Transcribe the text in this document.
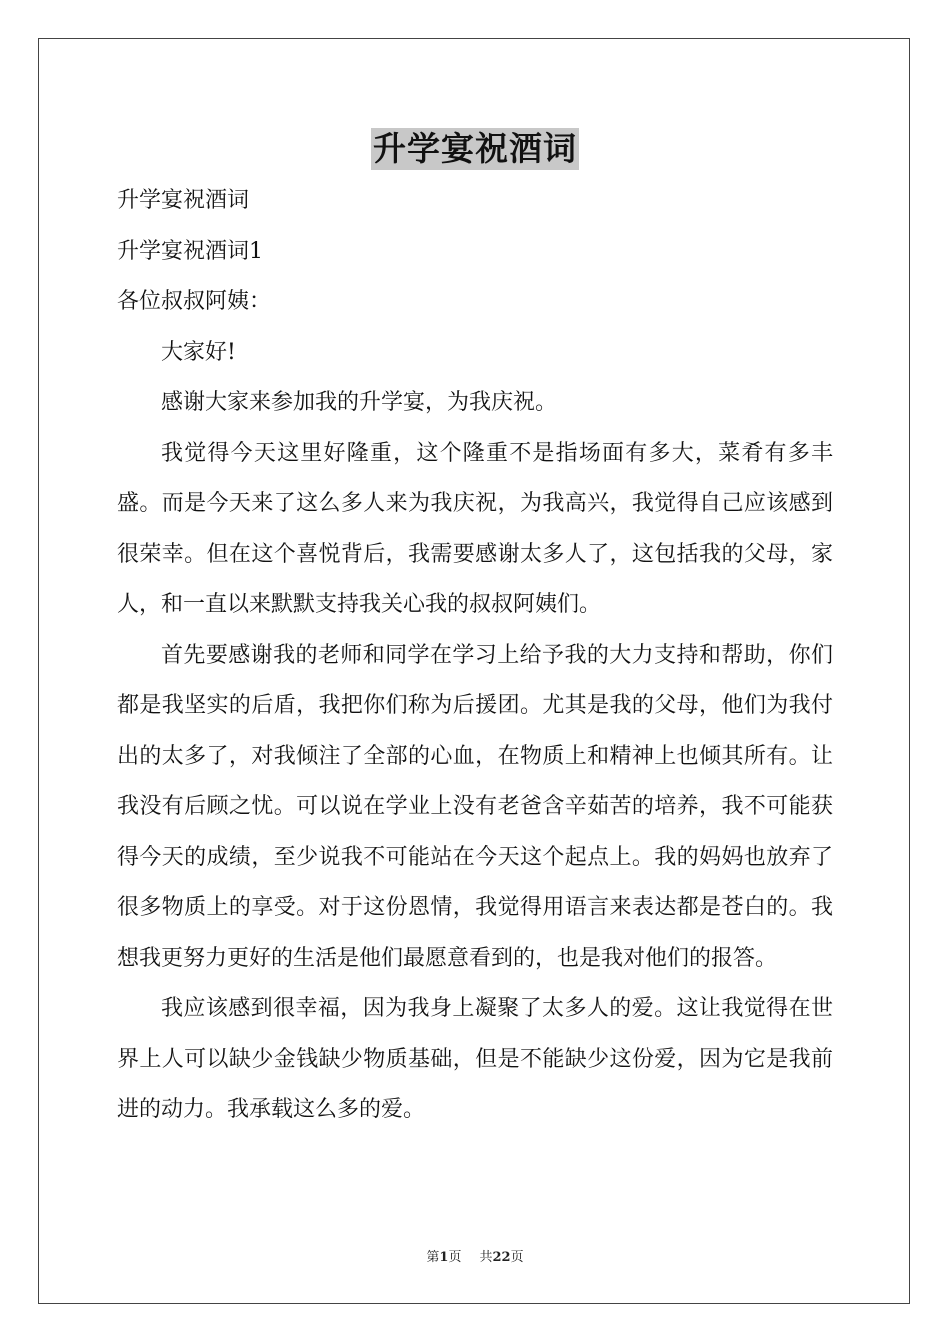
升学宴祝酒词

升学宴祝酒词

升学宴祝酒词1

各位叔叔阿姨：

大家好!

感谢大家来参加我的升学宴，为我庆祝。

我觉得今天这里好隆重，这个隆重不是指场面有多大，菜肴有多丰盛。而是今天来了这么多人来为我庆祝，为我高兴，我觉得自己应该感到很荣幸。但在这个喜悦背后，我需要感谢太多人了，这包括我的父母，家人，和一直以来默默支持我关心我的叔叔阿姨们。

首先要感谢我的老师和同学在学习上给予我的大力支持和帮助，你们都是我坚实的后盾，我把你们称为后援团。尤其是我的父母，他们为我付出的太多了，对我倾注了全部的心血，在物质上和精神上也倾其所有。让我没有后顾之忧。可以说在学业上没有老爸含辛茹苦的培养，我不可能获得今天的成绩，至少说我不可能站在今天这个起点上。我的妈妈也放弃了很多物质上的享受。对于这份恩情，我觉得用语言来表达都是苍白的。我想我更努力更好的生活是他们最愿意看到的，也是我对他们的报答。

我应该感到很幸福，因为我身上凝聚了太多人的爱。这让我觉得在世界上人可以缺少金钱缺少物质基础，但是不能缺少这份爱，因为它是我前进的动力。我承载这么多的爱。

第1页 共22页
